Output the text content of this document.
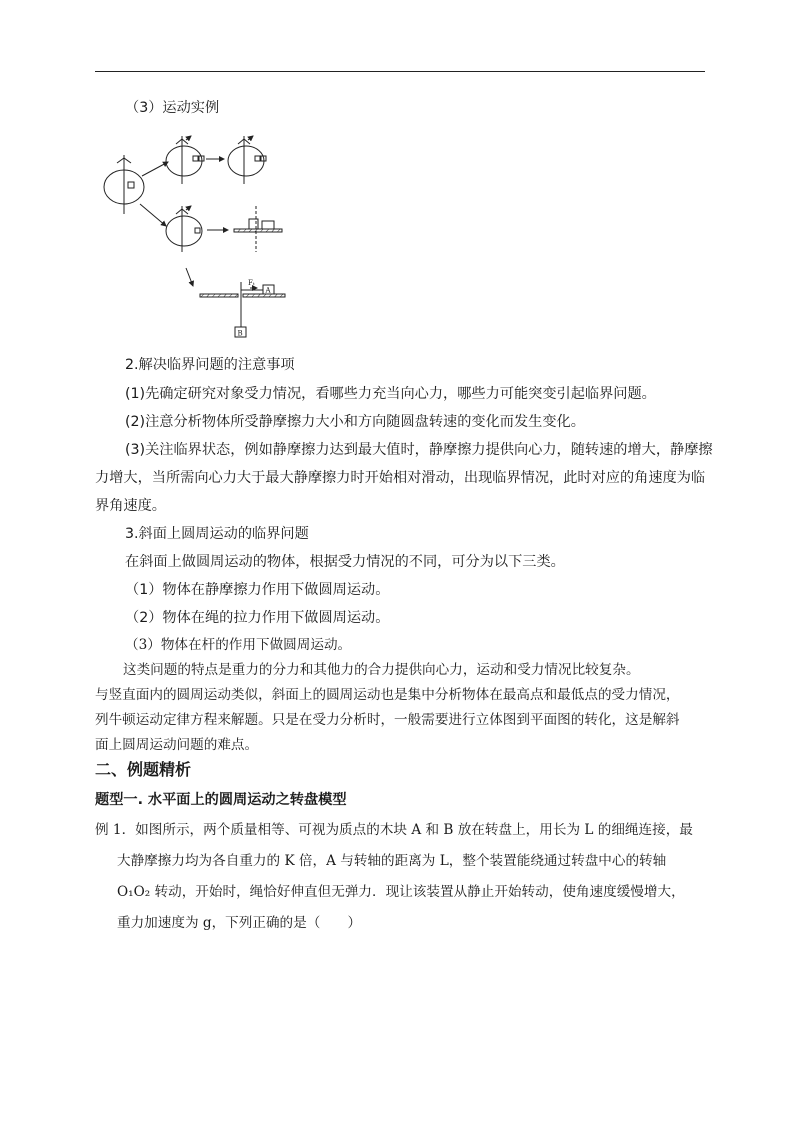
（3）运动实例
Fₜ
A
B
2.解决临界问题的注意事项
(1)先确定研究对象受力情况，看哪些力充当向心力，哪些力可能突变引起临界问题。
(2)注意分析物体所受静摩擦力大小和方向随圆盘转速的变化而发生变化。
(3)关注临界状态，例如静摩擦力达到最大值时，静摩擦力提供向心力，随转速的增大，静摩擦
力增大，当所需向心力大于最大静摩擦力时开始相对滑动，出现临界情况，此时对应的角速度为临
界角速度。
3.斜面上圆周运动的临界问题
在斜面上做圆周运动的物体，根据受力情况的不同，可分为以下三类。
（1）物体在静摩擦力作用下做圆周运动。
（2）物体在绳的拉力作用下做圆周运动。
（3）物体在杆的作用下做圆周运动。
这类问题的特点是重力的分力和其他力的合力提供向心力，运动和受力情况比较复杂。
与竖直面内的圆周运动类似，斜面上的圆周运动也是集中分析物体在最高点和最低点的受力情况，
列牛顿运动定律方程来解题。只是在受力分析时，一般需要进行立体图到平面图的转化，这是解斜
面上圆周运动问题的难点。
二、例题精析
题型一. 水平面上的圆周运动之转盘模型
例 1．如图所示，两个质量相等、可视为质点的木块 A 和 B 放在转盘上，用长为 L 的细绳连接，最
大静摩擦力均为各自重力的 K 倍，A 与转轴的距离为 L，整个装置能绕通过转盘中心的转轴
O₁O₂ 转动，开始时，绳恰好伸直但无弹力．现让该装置从静止开始转动，使角速度缓慢增大，
重力加速度为 g，下列正确的是（　　）
